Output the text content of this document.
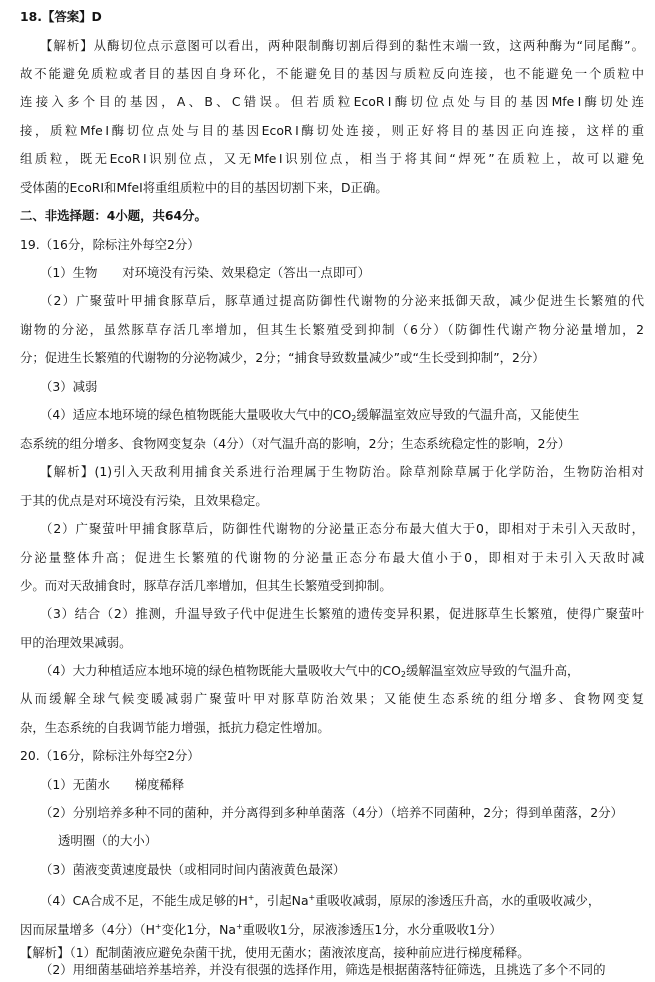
18.【答案】D
【解析】从酶切位点示意图可以看出，两种限制酶切割后得到的黏性末端一致，这两种酶为“同尾酶”。
故不能避免质粒或者目的基因自身环化，不能避免目的基因与质粒反向连接，也不能避免一个质粒中
连接入多个目的基因，A、B、C错误。但若质粒EcoRⅠ酶切位点处与目的基因MfeⅠ酶切处连
接，质粒MfeⅠ酶切位点处与目的基因EcoRⅠ酶切处连接，则正好将目的基因正向连接，这样的重
组质粒，既无EcoRⅠ识别位点，又无MfeⅠ识别位点，相当于将其间“焊死”在质粒上，故可以避免
受体菌的EcoRⅠ和MfeⅠ将重组质粒中的目的基因切割下来，D正确。
二、非选择题：4小题，共64分。
19.（16分，除标注外每空2分）
（1）生物　　对环境没有污染、效果稳定（答出一点即可）
（2）广聚萤叶甲捕食豚草后，豚草通过提高防御性代谢物的分泌来抵御天敌，减少促进生长繁殖的代
谢物的分泌，虽然豚草存活几率增加，但其生长繁殖受到抑制（6分）（防御性代谢产物分泌量增加，2
分；促进生长繁殖的代谢物的分泌物减少，2分；“捕食导致数量减少”或“生长受到抑制”，2分）
（3）减弱
（4）适应本地环境的绿色植物既能大量吸收大气中的$CO_2$缓解温室效应导致的气温升高，又能使生
态系统的组分增多、食物网变复杂（4分）（对气温升高的影响，2分；生态系统稳定性的影响，2分）
【解析】(1)引入天敌利用捕食关系进行治理属于生物防治。除草剂除草属于化学防治，生物防治相对
于其的优点是对环境没有污染，且效果稳定。
（2）广聚萤叶甲捕食豚草后，防御性代谢物的分泌量正态分布最大值大于0，即相对于未引入天敌时，
分泌量整体升高；促进生长繁殖的代谢物的分泌量正态分布最大值小于0，即相对于未引入天敌时减
少。而对天敌捕食时，豚草存活几率增加，但其生长繁殖受到抑制。
（3）结合（2）推测，升温导致子代中促进生长繁殖的遗传变异积累，促进豚草生长繁殖，使得广聚萤叶
甲的治理效果减弱。
（4）大力种植适应本地环境的绿色植物既能大量吸收大气中的$CO_2$缓解温室效应导致的气温升高，
从而缓解全球气候变暖减弱广聚萤叶甲对豚草防治效果；又能使生态系统的组分增多、食物网变复
杂，生态系统的自我调节能力增强，抵抗力稳定性增加。
20.（16分，除标注外每空2分）
（1）无菌水　　梯度稀释
（2）分别培养多种不同的菌种，并分离得到多种单菌落（4分）（培养不同菌种，2分；得到单菌落，2分）
透明圈（的大小）
（3）菌液变黄速度最快（或相同时间内菌液黄色最深）
（4）CA合成不足，不能生成足够的H+，引起Na+重吸收减弱，原尿的渗透压升高，水的重吸收减少，
因而尿量增多（4分）（H+变化1分，Na+重吸收1分，尿液渗透压1分，水分重吸收1分）
【解析】（1）配制菌液应避免杂菌干扰，使用无菌水；菌液浓度高，接种前应进行梯度稀释。
（2）用细菌基础培养基培养，并没有很强的选择作用，筛选是根据菌落特征筛选，且挑选了多个不同的
